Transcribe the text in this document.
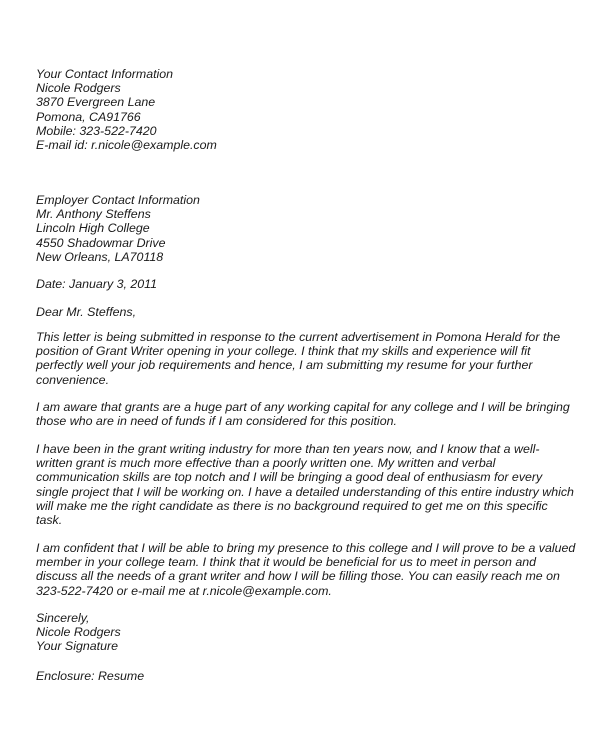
Your Contact Information
Nicole Rodgers
3870 Evergreen Lane
Pomona, CA91766
Mobile: 323-522-7420
E-mail id: r.nicole@example.com
Employer Contact Information
Mr. Anthony Steffens
Lincoln High College
4550 Shadowmar Drive
New Orleans, LA70118
Date: January 3, 2011
Dear Mr. Steffens,
This letter is being submitted in response to the current advertisement in Pomona Herald for the
position of Grant Writer opening in your college. I think that my skills and experience will fit
perfectly well your job requirements and hence, I am submitting my resume for your further
convenience.
I am aware that grants are a huge part of any working capital for any college and I will be bringing
those who are in need of funds if I am considered for this position.
I have been in the grant writing industry for more than ten years now, and I know that a well-
written grant is much more effective than a poorly written one. My written and verbal
communication skills are top notch and I will be bringing a good deal of enthusiasm for every
single project that I will be working on. I have a detailed understanding of this entire industry which
will make me the right candidate as there is no background required to get me on this specific
task.
I am confident that I will be able to bring my presence to this college and I will prove to be a valued
member in your college team. I think that it would be beneficial for us to meet in person and
discuss all the needs of a grant writer and how I will be filling those. You can easily reach me on
323-522-7420 or e-mail me at r.nicole@example.com.
Sincerely,
Nicole Rodgers
Your Signature
Enclosure: Resume
